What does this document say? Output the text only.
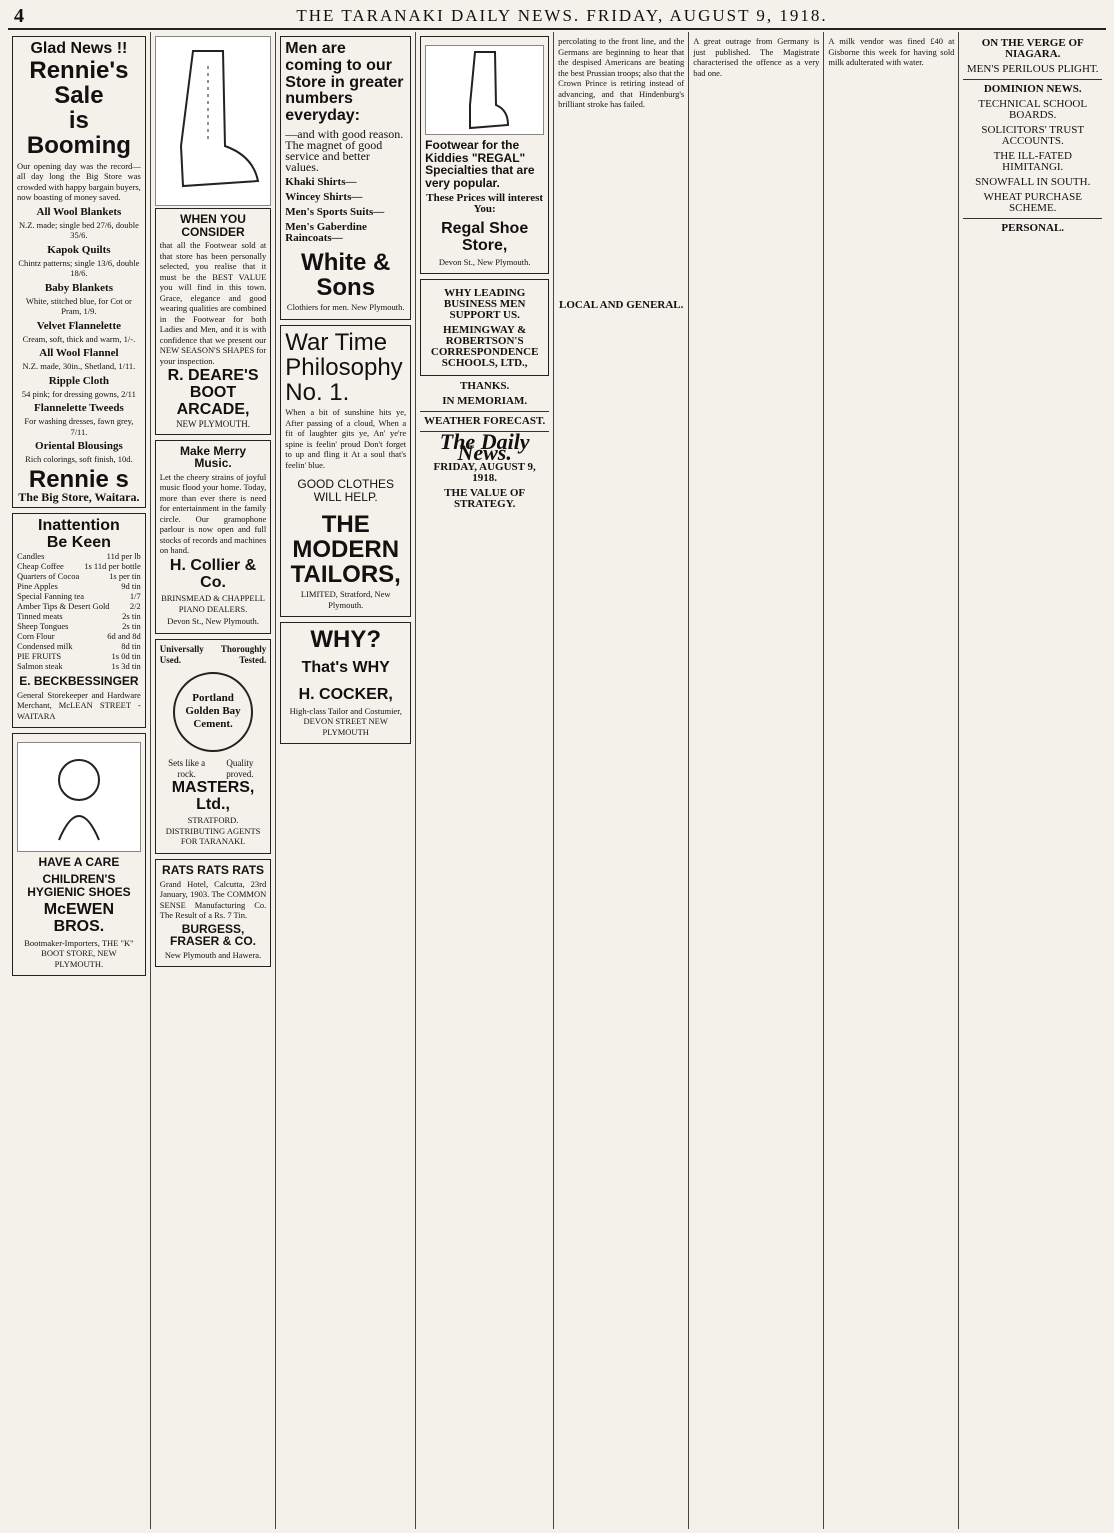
4	THE TARANAKI DAILY NEWS. FRIDAY, AUGUST 9, 1918.
Glad News !!
Rennie's Sale
is Booming

Our opening day was the record—all day long the Big Store was crowded with happy bargain buyers, now boasting of money saved.

All Wool Blankets
N.Z. made; single bed 27/6, double 35/6.
Kapok Quilts
Chintz patterns; single 13/6, double 18/6.
Baby Blankets
White, stitched blue, for Cot or Pram, 1/9.
Velvet Flannelette
Cream, soft, thick and warm, 1/-.
All Wool Flannel
N.Z. made, 30in., Shetland, 1/11.
Ripple Cloth
54 pink; for dressing gowns, 2/11
Flannelette Tweeds
For washing dresses, fawn grey, 7/11.
Oriental Blousings
Rich colorings, soft finish, 10d.
Rennie s

The Big Store, Waitara.

Inattention
Be Keen
Candles	11d per lb
Cheap Coffee 1s 11d per bottle
Quarters of Cocoa	1s per tin
Pine Apples	9d tin
Special Fanning tea	1/7
Amber Tips & Desert Gold 2/2
Tinned meats	2s tin
Sheep Tongues	2s tin
Corn Flour	6d and 8d
Condensed milk	8d tin
PIE FRUITS	1s 0d tin
Salmon steak	1s 3d tin
E. BECKBESSINGER

General Storekeeper and Hardware Merchant, McLEAN STREET - WAITARA

HAVE A CARE
CHILDREN'S HYGIENIC SHOES
McEWEN BROS.

Bootmaker-Importers, THE "K" BOOT STORE, NEW PLYMOUTH.

WHEN YOU CONSIDER

that all the Footwear sold at that store has been personally selected, you realise that it must be the BEST VALUE you will find in this town. Grace, elegance and good wearing qualities are combined in the Footwear for both Ladies and Men, and it is with confidence that we present our NEW SEASON'S SHAPES for your inspection.

R. DEARE'S BOOT ARCADE,

NEW PLYMOUTH.

Make Merry Music.

Let the cheery strains of joyful music flood your home. Today, more than ever there is need for entertainment in the family circle. Our gramophone parlour is now open and full stocks of records and machines on hand.

H. Collier & Co.

BRINSMEAD & CHAPPELL PIANO DEALERS.

Devon St., New Plymouth.

Universally Thoroughly
Used.	Tested.
Portland Golden Bay Cement.
Sets like a rock.
Quality proved.
MASTERS, Ltd.,

STRATFORD. DISTRIBUTING AGENTS FOR TARANAKI.

RATS RATS RATS

Grand Hotel, Calcutta, 23rd January, 1903. The COMMON SENSE Manufacturing Co. The Result of a Rs. 7 Tin.

BURGESS, FRASER & CO.

New Plymouth and Hawera.

Men are coming to our Store in greater numbers everyday:

—and with good reason. The magnet of good service and better values.

Khaki Shirts—

Wincey Shirts—

Men's Sports Suits—

Men's Gaberdine Raincoats—

White & Sons

Clothiers for men. New Plymouth.

War Time Philosophy No. 1.

When a bit of sunshine hits ye, After passing of a cloud, When a fit of laughter gits ye, An' ye're spine is feelin' proud Don't forget to up and fling it At a soul that's feelin' blue.

GOOD CLOTHES WILL HELP.
THE MODERN TAILORS,

LIMITED, Stratford, New Plymouth.

WHY?
That's WHY
H. COCKER,

High-class Tailor and Costumier, DEVON STREET NEW PLYMOUTH

Footwear for the Kiddies "REGAL" Specialties that are very popular.

These Prices will interest You:

Regal Shoe Store,

Devon St., New Plymouth.

WHY LEADING BUSINESS MEN SUPPORT US.

HEMINGWAY & ROBERTSON'S CORRESPONDENCE SCHOOLS, LTD.,

THANKS.

IN MEMORIAM.

WEATHER FORECAST.

The Daily News.

FRIDAY, AUGUST 9, 1918.

THE VALUE OF STRATEGY.

percolating to the front line, and the Germans are beginning to hear that the despised Americans are beating the best Prussian troops; also that the Crown Prince is retiring instead of advancing, and that Hindenburg's brilliant stroke has failed.

LOCAL AND GENERAL.

A great outrage from Germany is just published. The Magistrate characterised the offence as a very bad one.

A milk vendor was fined £40 at Gisborne this week for having sold milk adulterated with water.

ON THE VERGE OF NIAGARA.

MEN'S PERILOUS PLIGHT.

DOMINION NEWS.

TECHNICAL SCHOOL BOARDS.

SOLICITORS' TRUST ACCOUNTS.

THE ILL-FATED HIMITANGI.

SNOWFALL IN SOUTH.

WHEAT PURCHASE SCHEME.

PERSONAL.
